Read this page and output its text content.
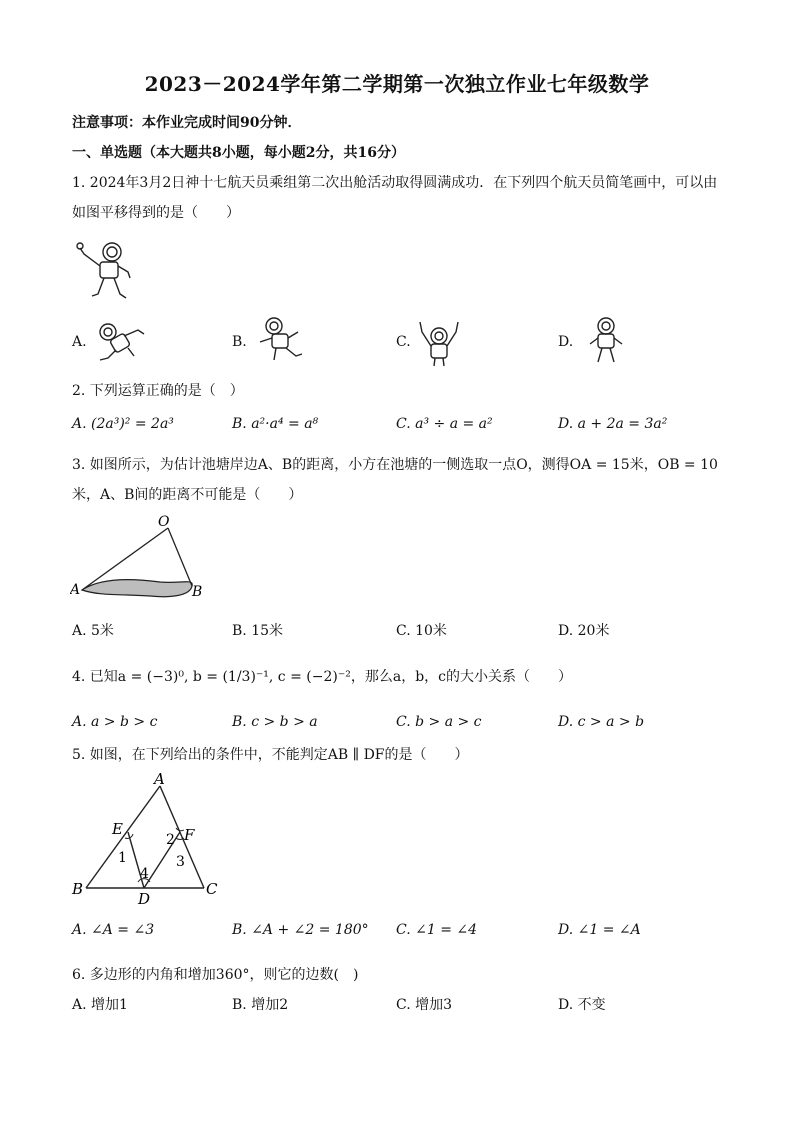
2023－2024学年第二学期第一次独立作业七年级数学
注意事项：本作业完成时间90分钟．
一、单选题（本大题共8小题，每小题2分，共16分）
1. 2024年3月2日神十七航天员乘组第二次出舱活动取得圆满成功．在下列四个航天员简笔画中，可以由
如图平移得到的是（　　）
A.	B.	C.	D.
2. 下列运算正确的是（　）
A. (2a³)² = 2a³	B. a²·a⁴ = a⁸	C. a³ ÷ a = a²	D. a + 2a = 3a²
3. 如图所示，为估计池塘岸边A、B的距离，小方在池塘的一侧选取一点O，测得OA = 15米，OB = 10
米，A、B间的距离不可能是（　　）
O
A	B
A. 5米	B. 15米	C. 10米	D. 20米
4. 已知a = (−3)⁰, b = (1/3)⁻¹, c = (−2)⁻²，那么a，b，c的大小关系（　　）
A. a > b > c	B. c > b > a	C. b > a > c	D. c > a > b
5. 如图，在下列给出的条件中，不能判定AB ∥ DF的是（　　）
A
B	C
D
E	F
1
2
3
4
A. ∠A = ∠3	B. ∠A + ∠2 = 180° C. ∠1 = ∠4	D. ∠1 = ∠A
6. 多边形的内角和增加360°，则它的边数(　)
A. 增加1	B. 增加2	C. 增加3	D. 不变
